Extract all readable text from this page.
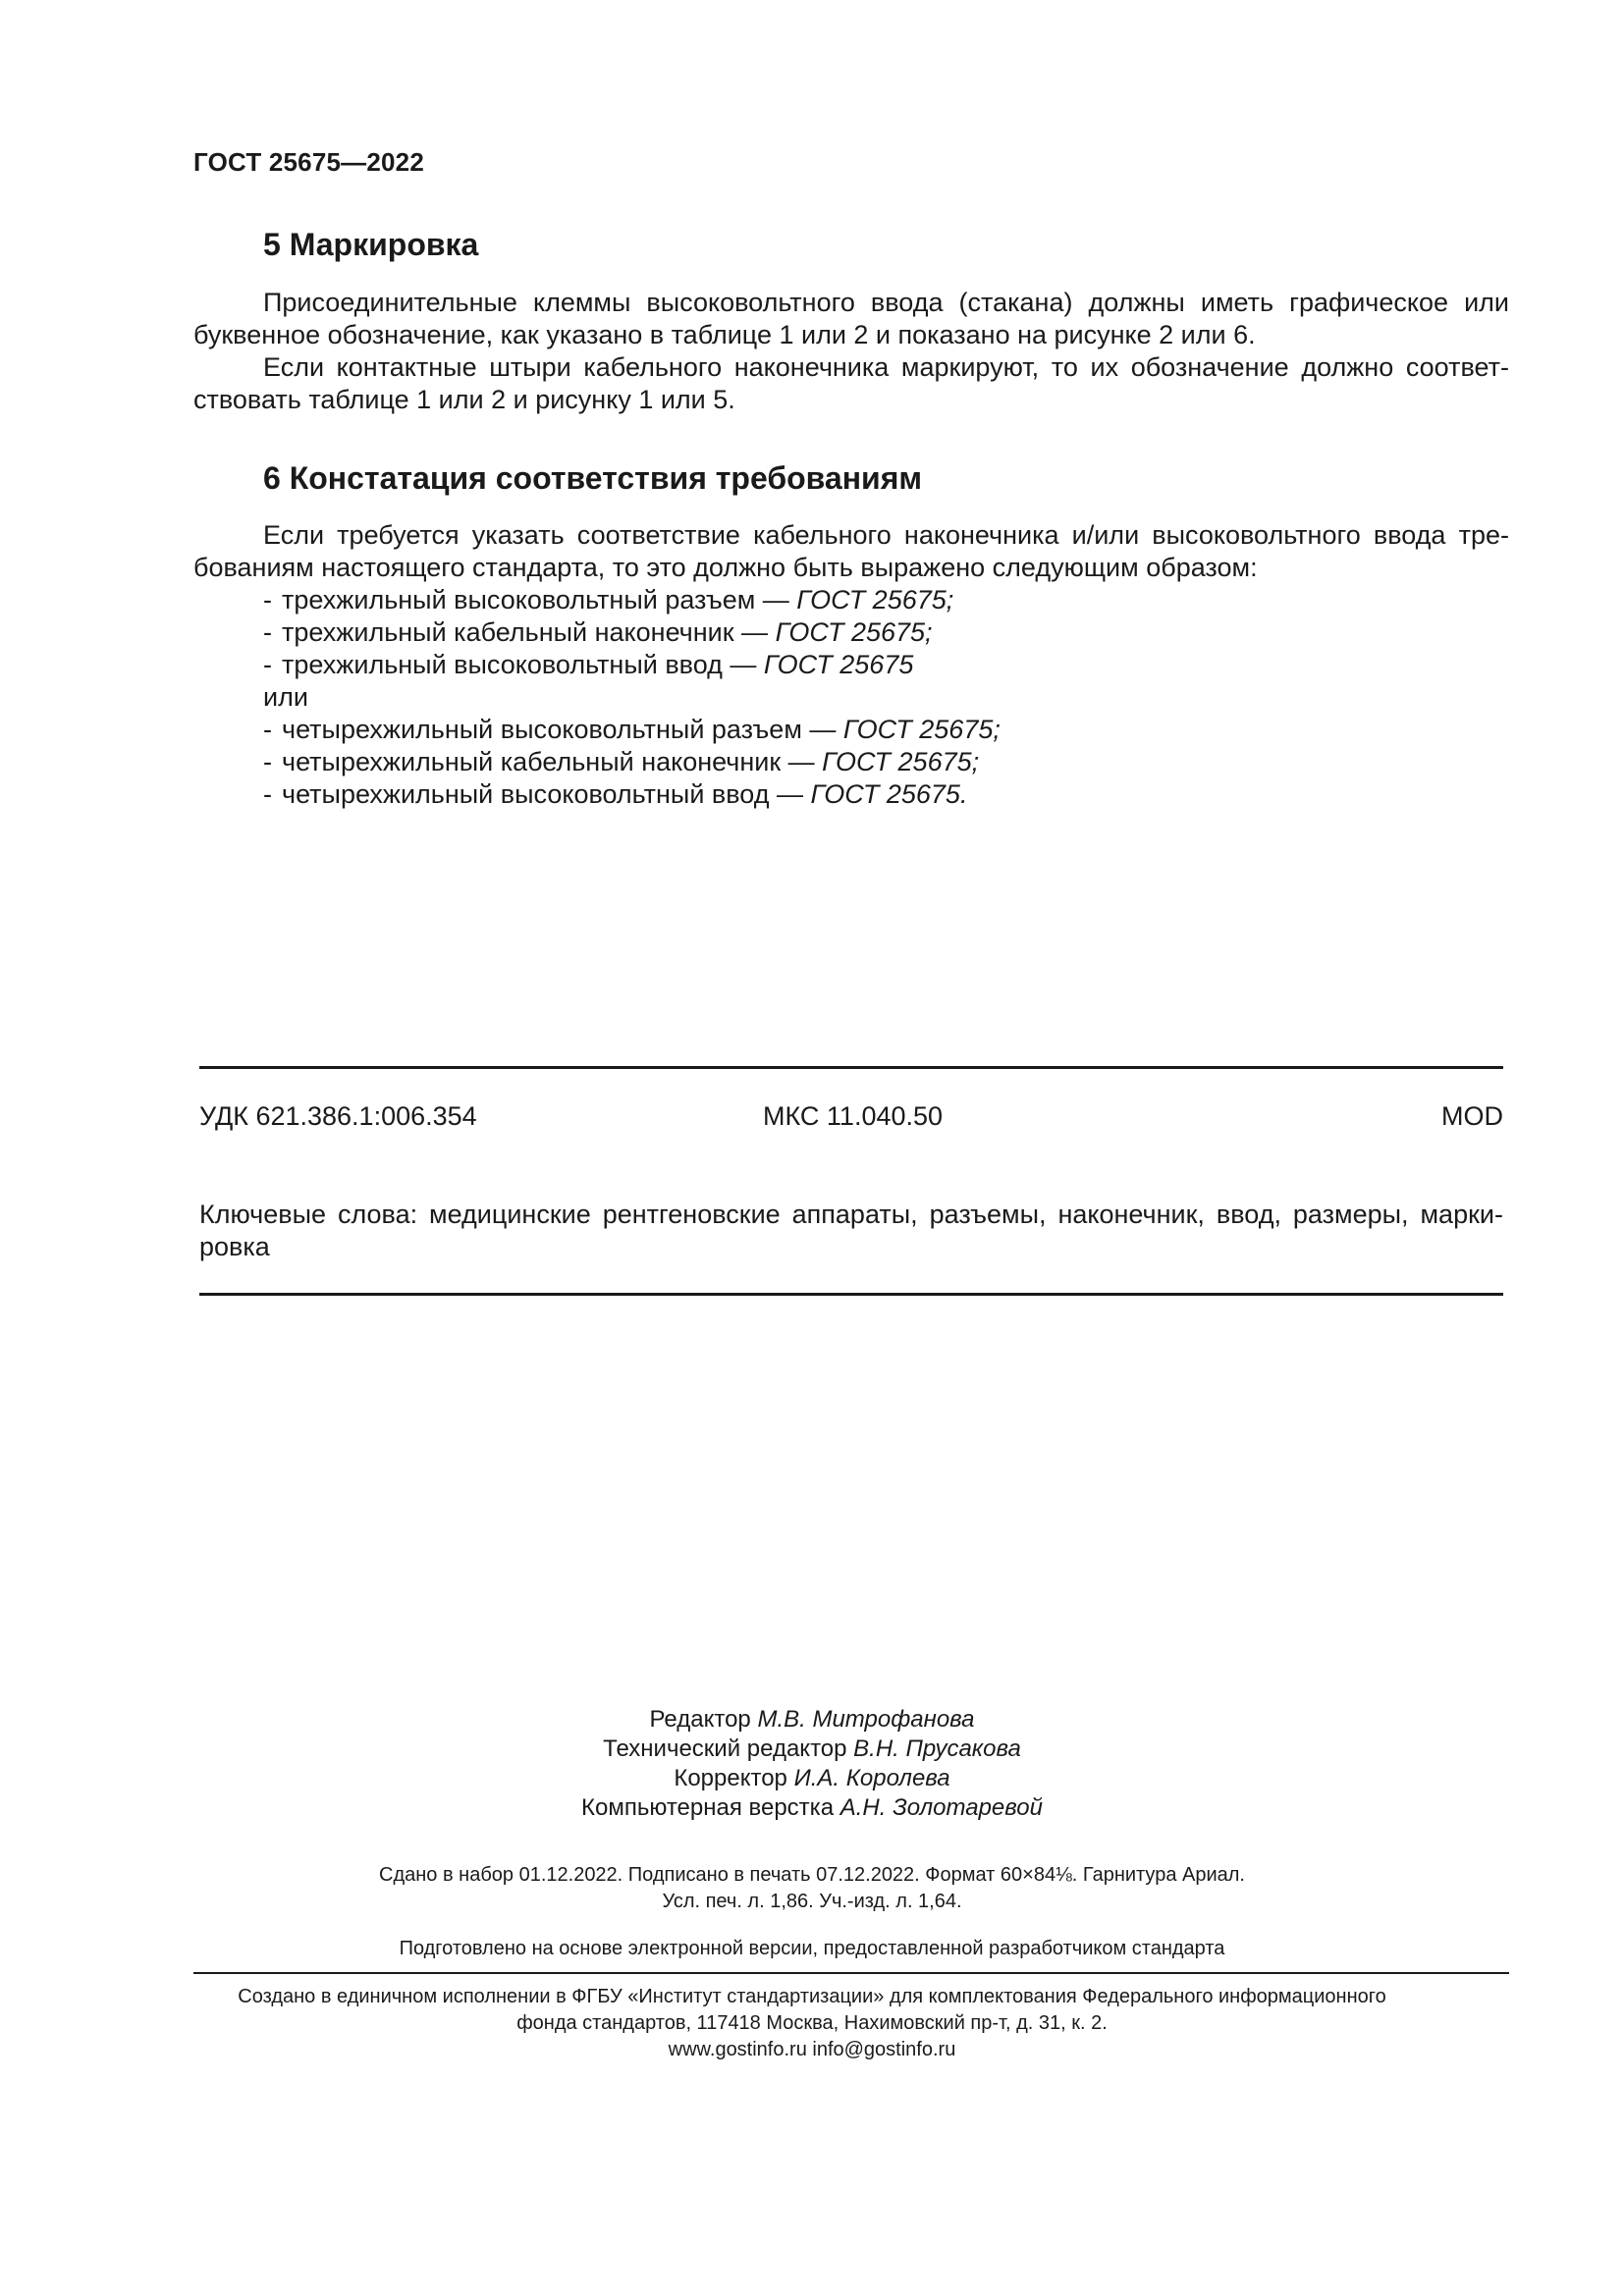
ГОСТ 25675—2022
5 Маркировка

Присоединительные клеммы высоковольтного ввода (стакана) должны иметь графическое или буквенное обозначение, как указано в таблице 1 или 2 и показано на рисунке 2 или 6.

Если контактные штыри кабельного наконечника маркируют, то их обозначение должно соответствовать таблице 1 или 2 и рисунку 1 или 5.

6 Констатация соответствия требованиям

Если требуется указать соответствие кабельного наконечника и/или высоковольтного ввода требованиям настоящего стандарта, то это должно быть выражено следующим образом:

- трехжильный высоковольтный разъем — ГОСТ 25675;
- трехжильный кабельный наконечник — ГОСТ 25675;
- трехжильный высоковольтный ввод — ГОСТ 25675
или
- четырехжильный высоковольтный разъем — ГОСТ 25675;
- четырехжильный кабельный наконечник — ГОСТ 25675;
- четырехжильный высоковольтный ввод — ГОСТ 25675.
УДК 621.386.1:006.354	МКС 11.040.50	MOD
Ключевые слова: медицинские рентгеновские аппараты, разъемы, наконечник, ввод, размеры, маркировка
Редактор М.В. Митрофанова
Технический редактор В.Н. Прусакова
Корректор И.А. Королева
Компьютерная верстка А.Н. Золотаревой
Сдано в набор 01.12.2022. Подписано в печать 07.12.2022. Формат 60×84⅛. Гарнитура Ариал.
Усл. печ. л. 1,86. Уч.-изд. л. 1,64.
Подготовлено на основе электронной версии, предоставленной разработчиком стандарта
Создано в единичном исполнении в ФГБУ «Институт стандартизации» для комплектования Федерального информационного
фонда стандартов, 117418 Москва, Нахимовский пр-т, д. 31, к. 2.
www.gostinfo.ru info@gostinfo.ru
